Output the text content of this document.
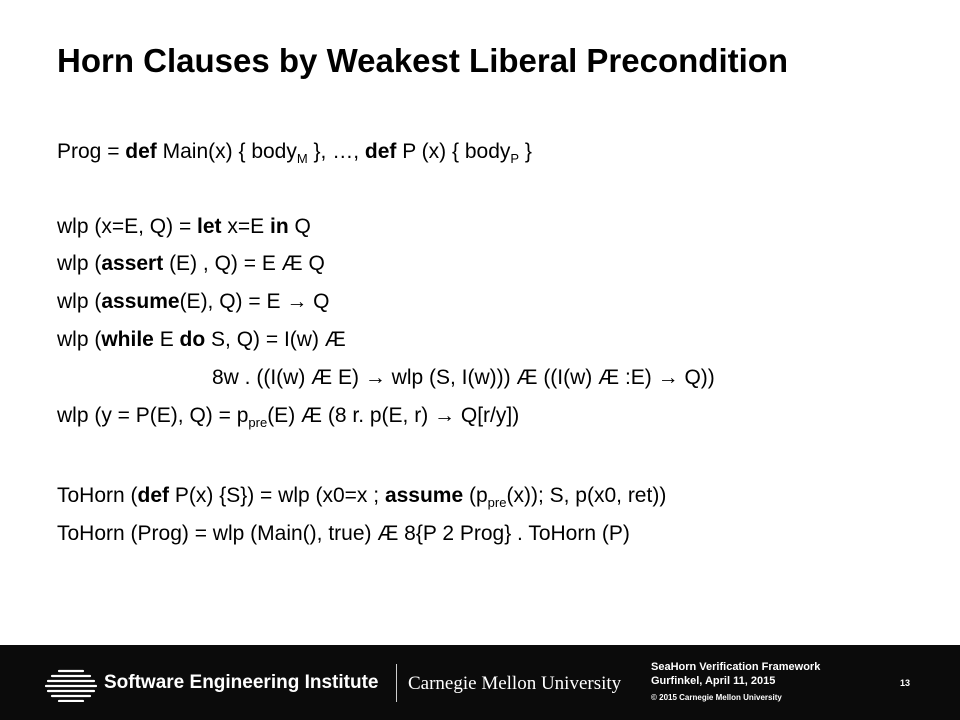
Horn Clauses by Weakest Liberal Precondition
Prog = def Main(x) { body$_M$ }, …, def P (x) { body$_P$ }
wlp (x=E, Q) = let x=E in Q
wlp (assert (E) , Q) = E Æ Q
wlp (assume(E), Q) = E → Q
wlp (while E do S, Q) = I(w) Æ
8w . ((I(w) Æ E) → wlp (S, I(w))) Æ ((I(w) Æ :E) → Q))
wlp (y = P(E), $Q) = p_{pre}(E)$ Æ (8 r. p(E, r) → Q[r/y])
ToHorn (def P(x) {S}) = wlp (x0=x ; assume $(p_{pre}(x))$; S, p(x0, ret))
ToHorn (Prog) = wlp (Main(), true) Æ 8{P 2 Prog} . ToHorn (P)
Software Engineering Institute Carnegie Mellon University
SeaHorn Verification Framework
Gurfinkel, April 11, 2015
© 2015 Carnegie Mellon University
13
